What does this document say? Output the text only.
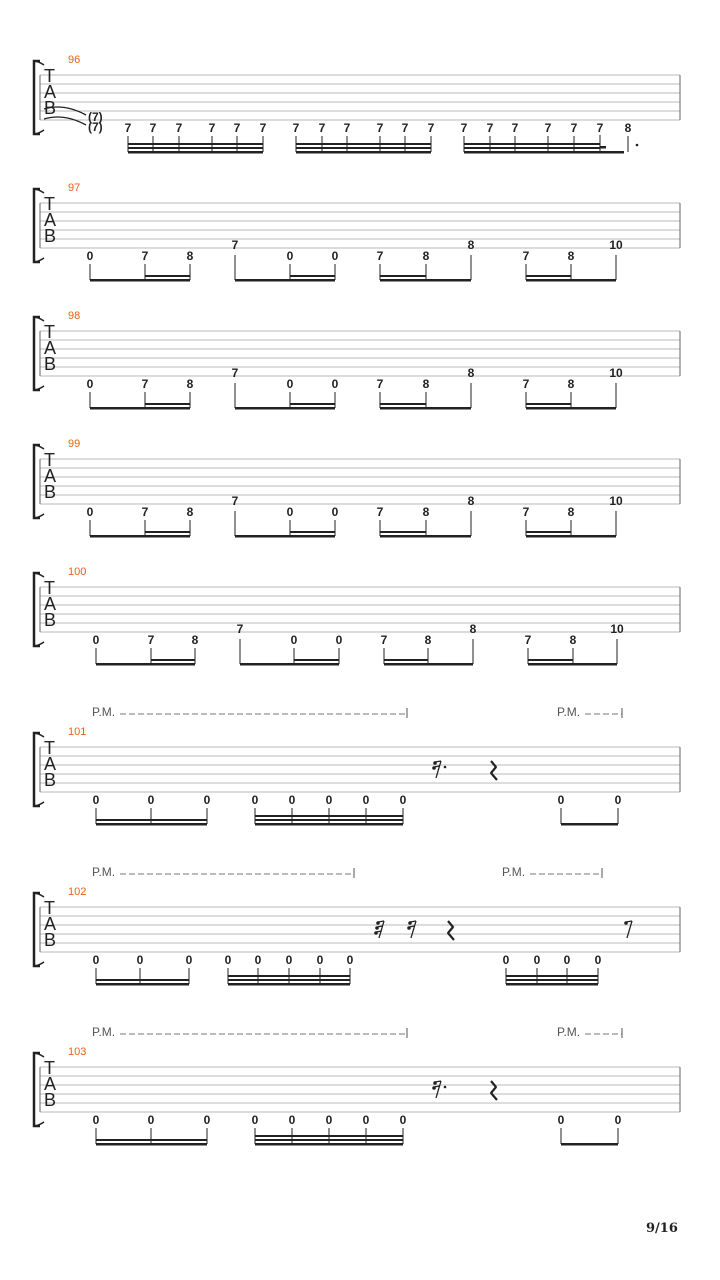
T
A
B
96
(7)
(7) 7 7 7 7 7 7 7 7 7 7 7 7 7 7 7 7 7 7 8
T
A
B
97
0	7	8
7
0	0	7	8
8
7	8
10
T
A
B
98
0	7	8
7
0	0	7	8
8
7	8
10
T
A
B
99
0	7	8
7
0	0	7	8
8
7	8
10
T
A
B
100
0	7	8
7
0	0	7	8
8
7	8
10
T
A
B
101
P.M.	P.M.
0	0	0	0	0	0	0	0	0	0
T
A
B
102
P.M.	P.M.
0	0	0	0 0 0 0 0	0 0 0 0
T
A
B
103
P.M.	P.M.
0	0	0	0	0	0	0	0	0	0
9/16
